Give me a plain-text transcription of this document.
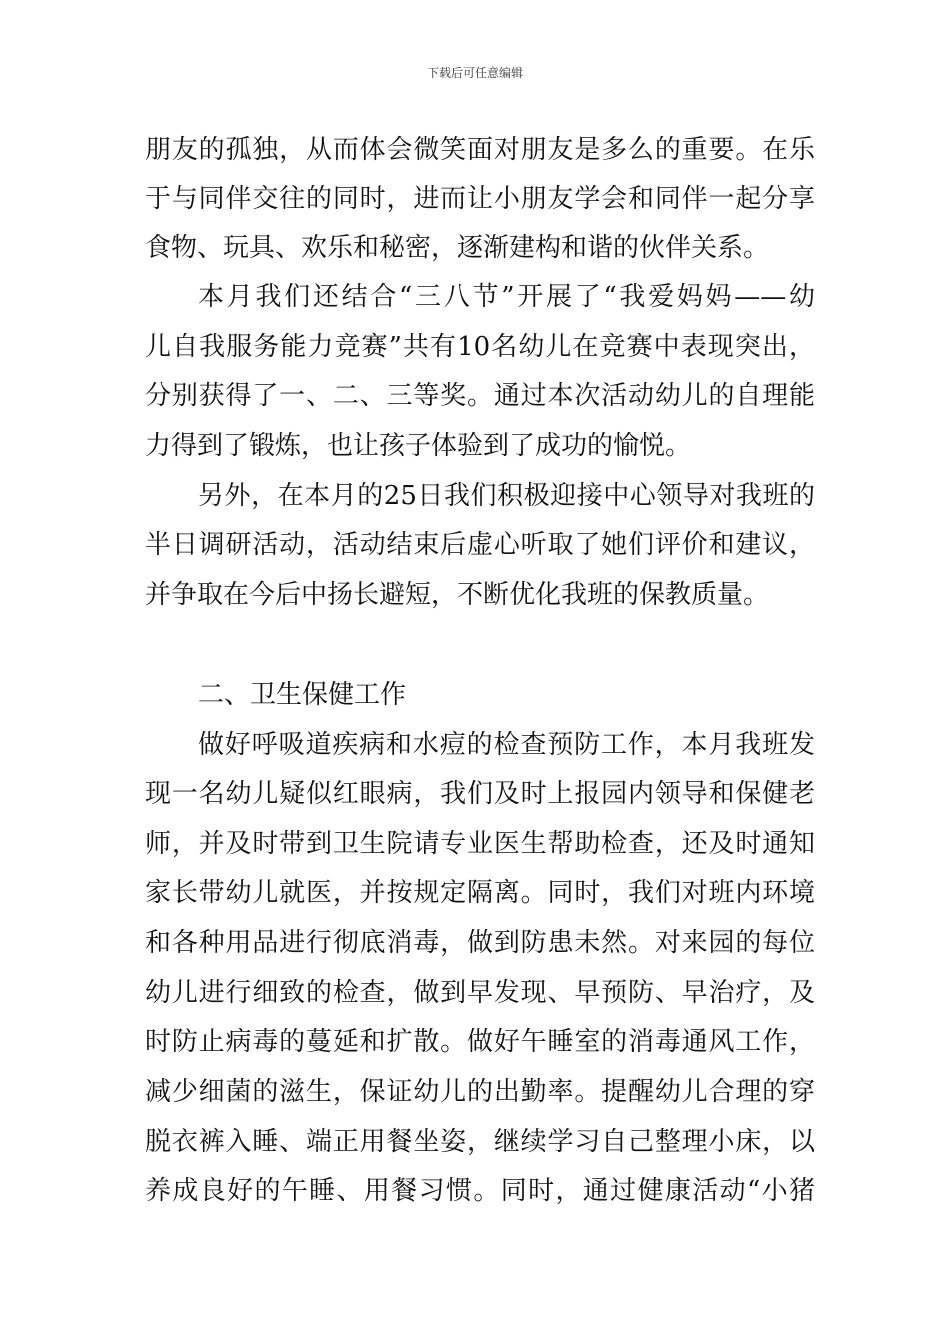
下载后可任意编辑

朋友的孤独，从而体会微笑面对朋友是多么的重要。在乐

于与同伴交往的同时，进而让小朋友学会和同伴一起分享

食物、玩具、欢乐和秘密，逐渐建构和谐的伙伴关系。

本月我们还结合“三八节”开展了“我爱妈妈——幼

儿自我服务能力竞赛”共有10名幼儿在竞赛中表现突出，

分别获得了一、二、三等奖。通过本次活动幼儿的自理能

力得到了锻炼，也让孩子体验到了成功的愉悦。

另外，在本月的25日我们积极迎接中心领导对我班的

半日调研活动，活动结束后虚心听取了她们评价和建议，

并争取在今后中扬长避短，不断优化我班的保教质量。

二、卫生保健工作

做好呼吸道疾病和水痘的检查预防工作，本月我班发

现一名幼儿疑似红眼病，我们及时上报园内领导和保健老

师，并及时带到卫生院请专业医生帮助检查，还及时通知

家长带幼儿就医，并按规定隔离。同时，我们对班内环境

和各种用品进行彻底消毒，做到防患未然。对来园的每位

幼儿进行细致的检查，做到早发现、早预防、早治疗，及

时防止病毒的蔓延和扩散。做好午睡室的消毒通风工作，

减少细菌的滋生，保证幼儿的出勤率。提醒幼儿合理的穿

脱衣裤入睡、端正用餐坐姿，继续学习自己整理小床，以

养成良好的午睡、用餐习惯。同时，通过健康活动“小猪
